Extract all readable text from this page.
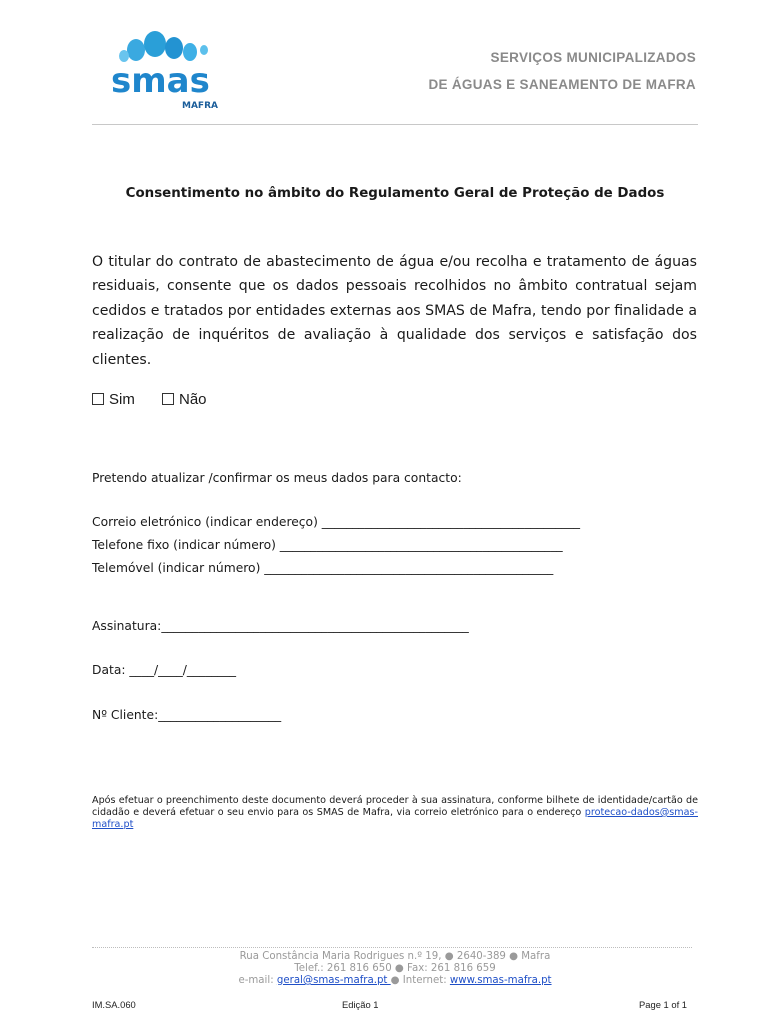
smas
MAFRA
SERVIÇOS MUNICIPALIZADOS
DE ÁGUAS E SANEAMENTO DE MAFRA
Consentimento no âmbito do Regulamento Geral de Proteção de Dados
O titular do contrato de abastecimento de água e/ou recolha e tratamento de águas residuais, consente que os dados pessoais recolhidos no âmbito contratual sejam cedidos e tratados por entidades externas aos SMAS de Mafra, tendo por finalidade a realização de inquéritos de avaliação à qualidade dos serviços e satisfação dos clientes.
Sim	Não
Pretendo atualizar /confirmar os meus dados para contacto:
Correio eletrónico (indicar endereço) __________________________________________
Telefone fixo (indicar número) ______________________________________________
Telemóvel (indicar número) _______________________________________________
Assinatura:__________________________________________________
Data: ____/____/________
Nº Cliente:____________________
Após efetuar o preenchimento deste documento deverá proceder à sua assinatura, conforme bilhete de identidade/cartão de cidadão e deverá efetuar o seu envio para os SMAS de Mafra, via correio eletrónico para o endereço protecao-dados@smas-mafra.pt
Rua Constância Maria Rodrigues n.º 19, ● 2640-389 ● Mafra
Telef.: 261 816 650 ● Fax: 261 816 659
e-mail: geral@smas-mafra.pt ● Internet: www.smas-mafra.pt
IM.SA.060	Edição 1	Page 1 of 1
